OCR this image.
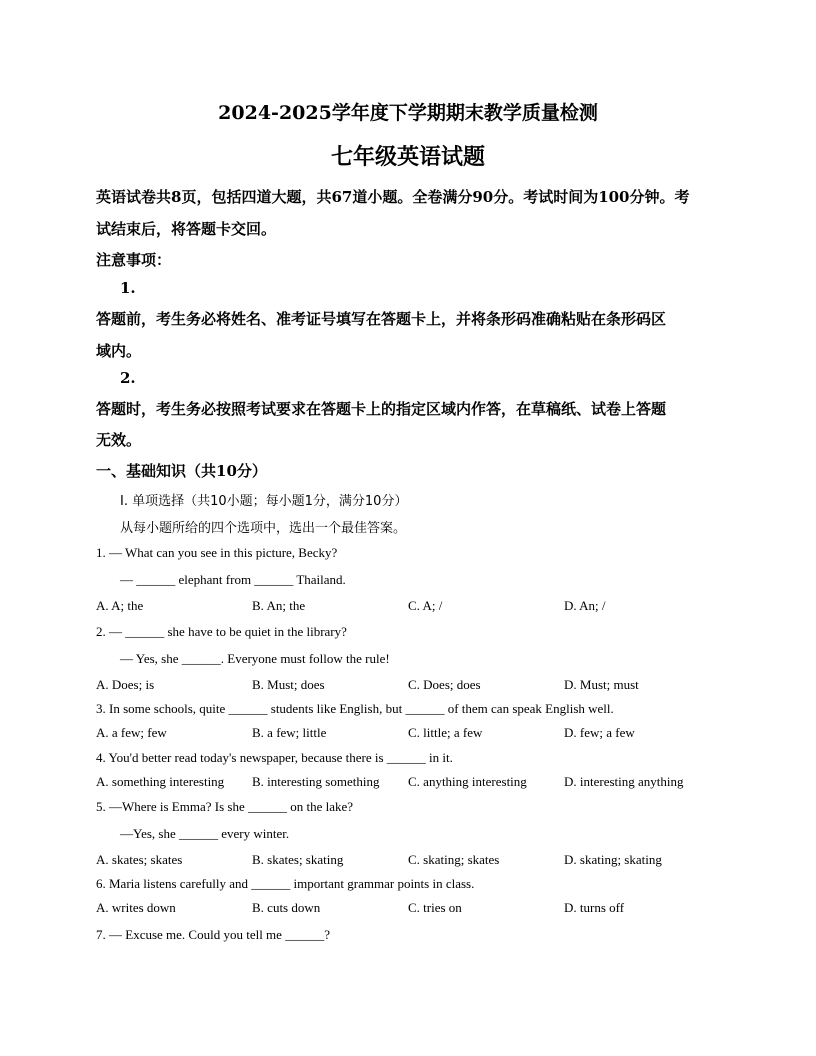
2024-2025学年度下学期期末教学质量检测
七年级英语试题
英语试卷共8页，包括四道大题，共67道小题。全卷满分90分。考试时间为100分钟。考
试结束后，将答题卡交回。
注意事项：
1.
答题前，考生务必将姓名、准考证号填写在答题卡上，并将条形码准确粘贴在条形码区
域内。
2.
答题时，考生务必按照考试要求在答题卡上的指定区域内作答，在草稿纸、试卷上答题
无效。
一、基础知识（共10分）
I. 单项选择（共10小题；每小题1分，满分10分）
从每小题所给的四个选项中，选出一个最佳答案。
1. — What can you see in this picture, Becky?
— ______ elephant from ______ Thailand.
A. A; the	B. An; the	C. A; /	D. An; /
2. — ______ she have to be quiet in the library?
— Yes, she ______. Everyone must follow the rule!
A. Does; is	B. Must; does	C. Does; does	D. Must; must
3. In some schools, quite ______ students like English, but ______ of them can speak English well.
A. a few; few	B. a few; little	C. little; a few	D. few; a few
4. You'd better read today's newspaper, because there is ______ in it.
A. something interesting B. interesting something C. anything interesting	D. interesting anything
5. —Where is Emma? Is she ______ on the lake?
—Yes, she ______ every winter.
A. skates; skates	B. skates; skating	C. skating; skates	D. skating; skating
6. Maria listens carefully and ______ important grammar points in class.
A. writes down	B. cuts down	C. tries on	D. turns off
7. — Excuse me. Could you tell me ______?
